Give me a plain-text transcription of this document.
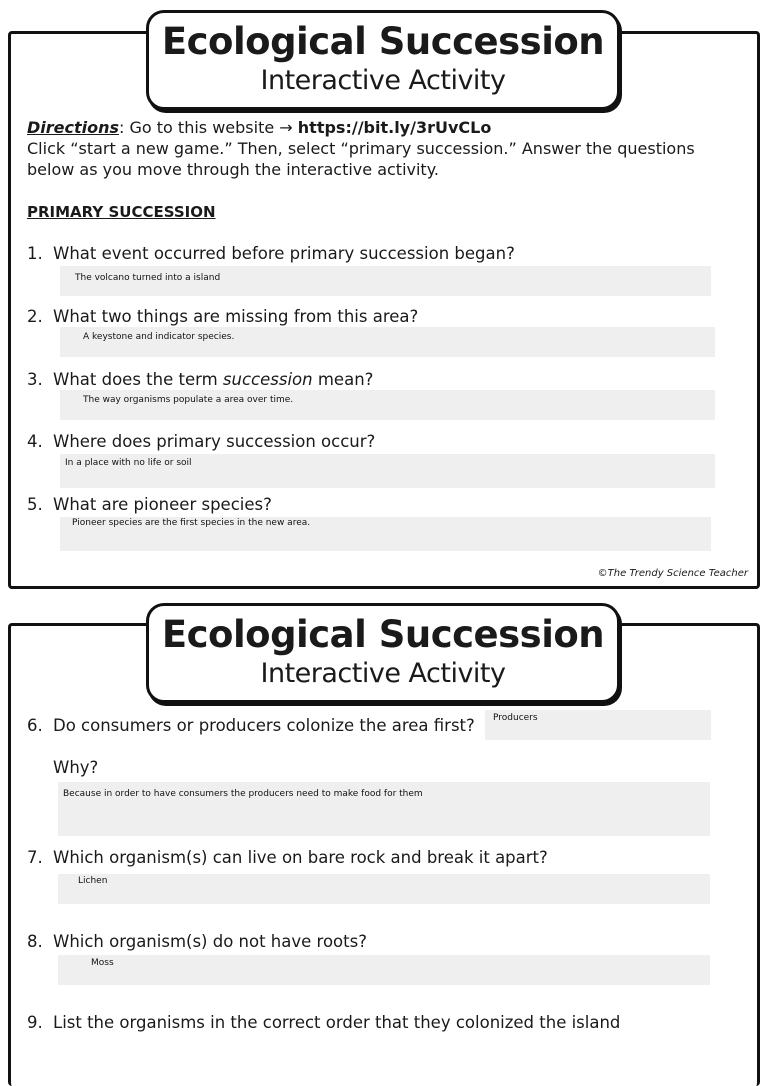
Ecological Succession
Interactive Activity
Directions: Go to this website → https://bit.ly/3rUvCLo
Click “start a new game.” Then, select “primary succession.” Answer the questions below as you move through the interactive activity.
PRIMARY SUCCESSION
1. What event occurred before primary succession began?
The volcano turned into a island
2. What two things are missing from this area?
A keystone and indicator species.
3. What does the term succession mean?
The way organisms populate a area over time.
4. Where does primary succession occur?
In a place with no life or soil
5. What are pioneer species?
Pioneer species are the first species in the new area.
©The Trendy Science Teacher
Ecological Succession
Interactive Activity
6. Do consumers or producers colonize the area first?	Producers
Why?
Because in order to have consumers the producers need to make food for them
7. Which organism(s) can live on bare rock and break it apart?
Lichen
8. Which organism(s) do not have roots?
Moss
9. List the organisms in the correct order that they colonized the island
